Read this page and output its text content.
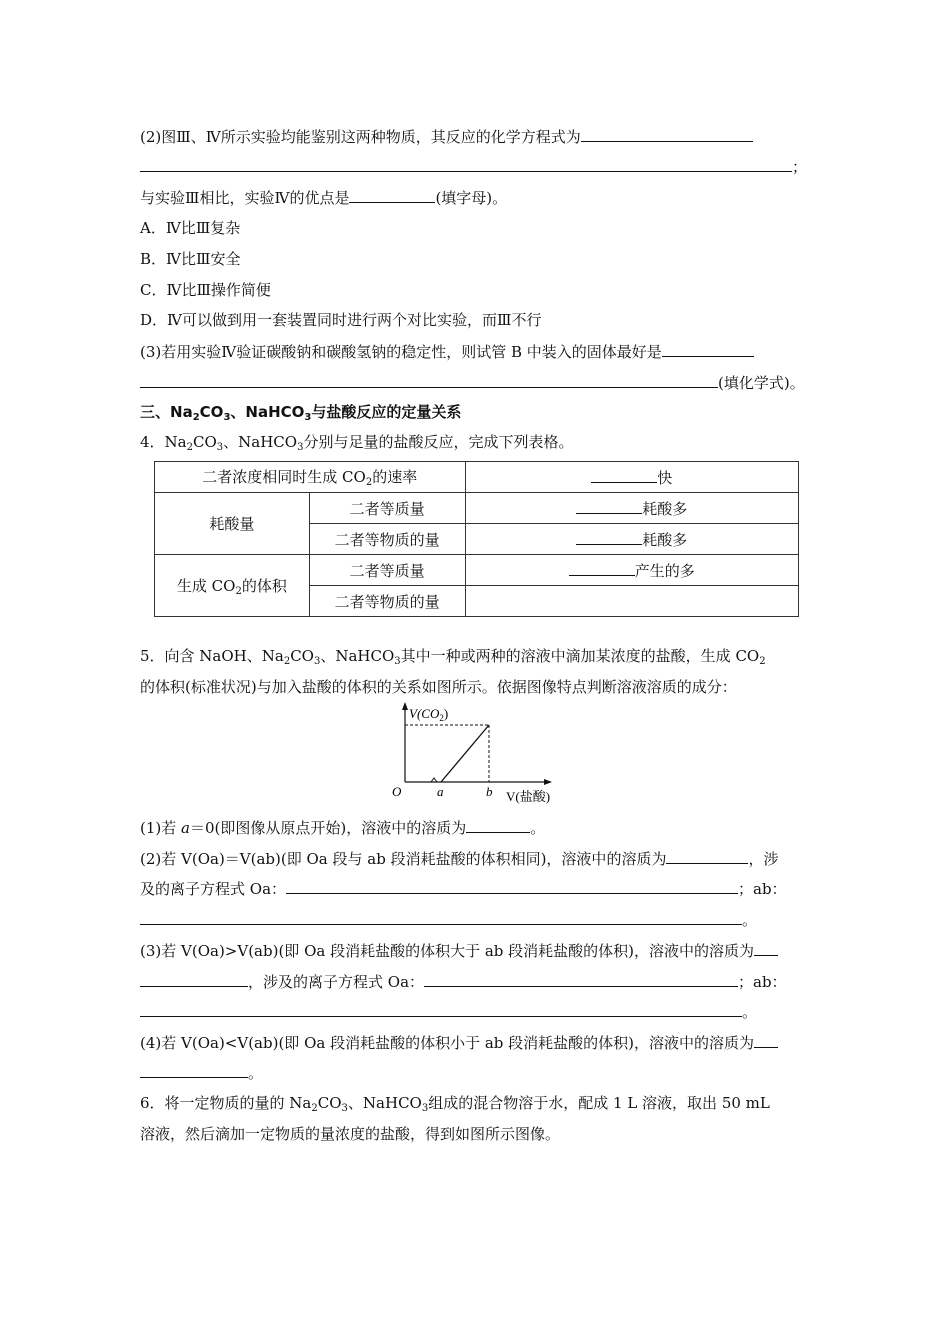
(2)图Ⅲ、Ⅳ所示实验均能鉴别这两种物质，其反应的化学方程式为
；
与实验Ⅲ相比，实验Ⅳ的优点是	(填字母)。
A．Ⅳ比Ⅲ复杂
B．Ⅳ比Ⅲ安全
C．Ⅳ比Ⅲ操作简便
D．Ⅳ可以做到用一套装置同时进行两个对比实验，而Ⅲ不行
(3)若用实验Ⅳ验证碳酸钠和碳酸氢钠的稳定性，则试管 B 中装入的固体最好是
(填化学式)。
三、$Na_2CO_3$、NaHCO$_3$与盐酸反应的定量关系
4．$Na_2CO_3$、NaHCO$_3$分别与足量的盐酸反应，完成下列表格。
二者浓度相同时生成 $CO_2$的速率		快
耗酸量	二者等质量	耗酸多
	二者等物质的量	耗酸多
生成 $CO_2$的体积	二者等质量	产生的多
	二者等物质的量	
5．向含 NaOH、$Na_2CO_3$、NaHCO$_3$其中一种或两种的溶液中滴加某浓度的盐酸，生成 $CO_2$
的体积(标准状况)与加入盐酸的体积的关系如图所示。依据图像特点判断溶液溶质的成分：
$V(CO_2)$
O	a	b V(盐酸)
(1)若 a＝0(即图像从原点开始)，溶液中的溶质为	。
(2)若 V(Oa)＝V(ab)(即 Oa 段与 ab 段消耗盐酸的体积相同)，溶液中的溶质为	，涉
及的离子方程式 Oa：	；ab：
。
(3)若 V(Oa)>V(ab)(即 Oa 段消耗盐酸的体积大于 ab 段消耗盐酸的体积)，溶液中的溶质为
，涉及的离子方程式 Oa：	；ab：
。
(4)若 V(Oa)<V(ab)(即 Oa 段消耗盐酸的体积小于 ab 段消耗盐酸的体积)，溶液中的溶质为
。
6．将一定物质的量的 $Na_2CO_3$、NaHCO$_3$组成的混合物溶于水，配成 1 L 溶液，取出 50 mL
溶液，然后滴加一定物质的量浓度的盐酸，得到如图所示图像。
